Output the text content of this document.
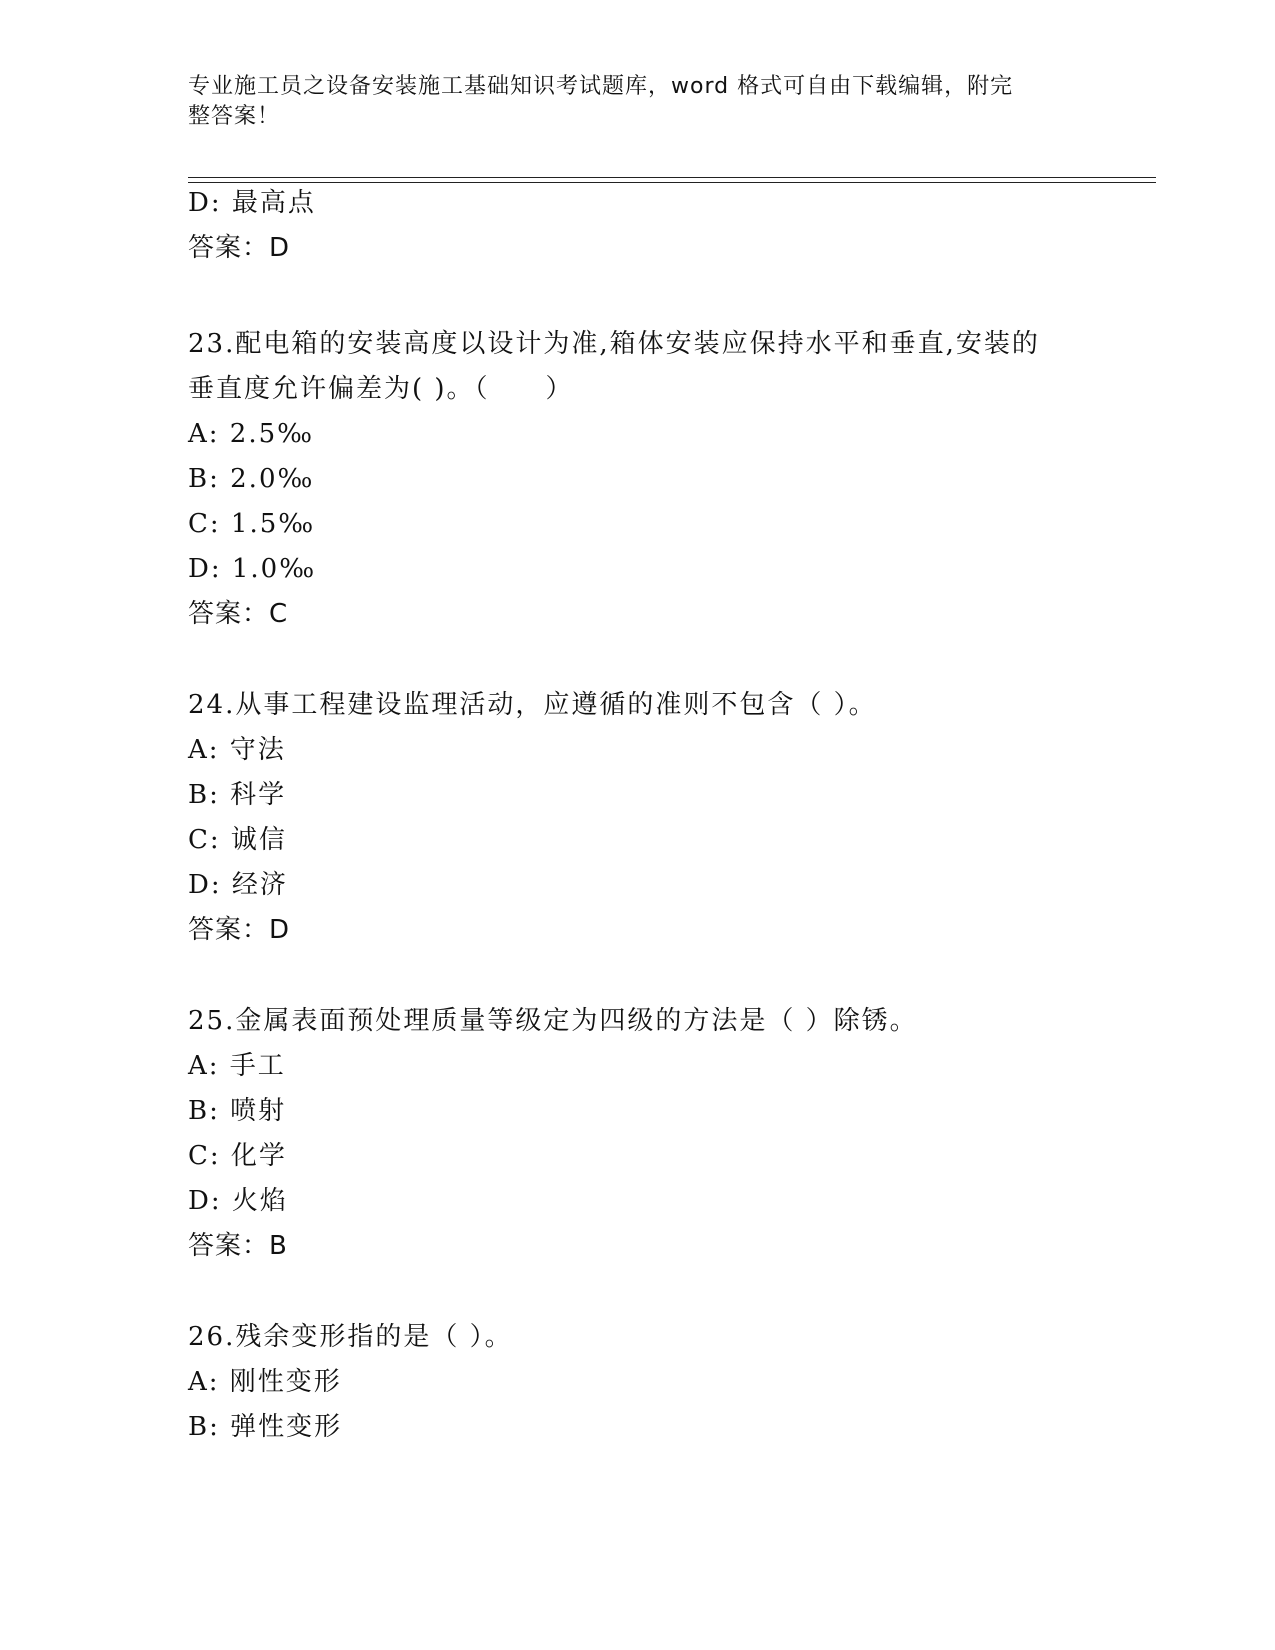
专业施工员之设备安装施工基础知识考试题库，word 格式可自由下载编辑，附完
整答案！
D: 最高点
答案：D
23.配电箱的安装高度以设计为准,箱体安装应保持水平和垂直,安装的
垂直度允许偏差为( )。（　　）
A: 2.5‰
B: 2.0‰
C: 1.5‰
D: 1.0‰
答案：C
24.从事工程建设监理活动，应遵循的准则不包含（ ）。
A: 守法
B: 科学
C: 诚信
D: 经济
答案：D
25.金属表面预处理质量等级定为四级的方法是（ ）除锈。
A: 手工
B: 喷射
C: 化学
D: 火焰
答案：B
26.残余变形指的是（ ）。
A: 刚性变形
B: 弹性变形
